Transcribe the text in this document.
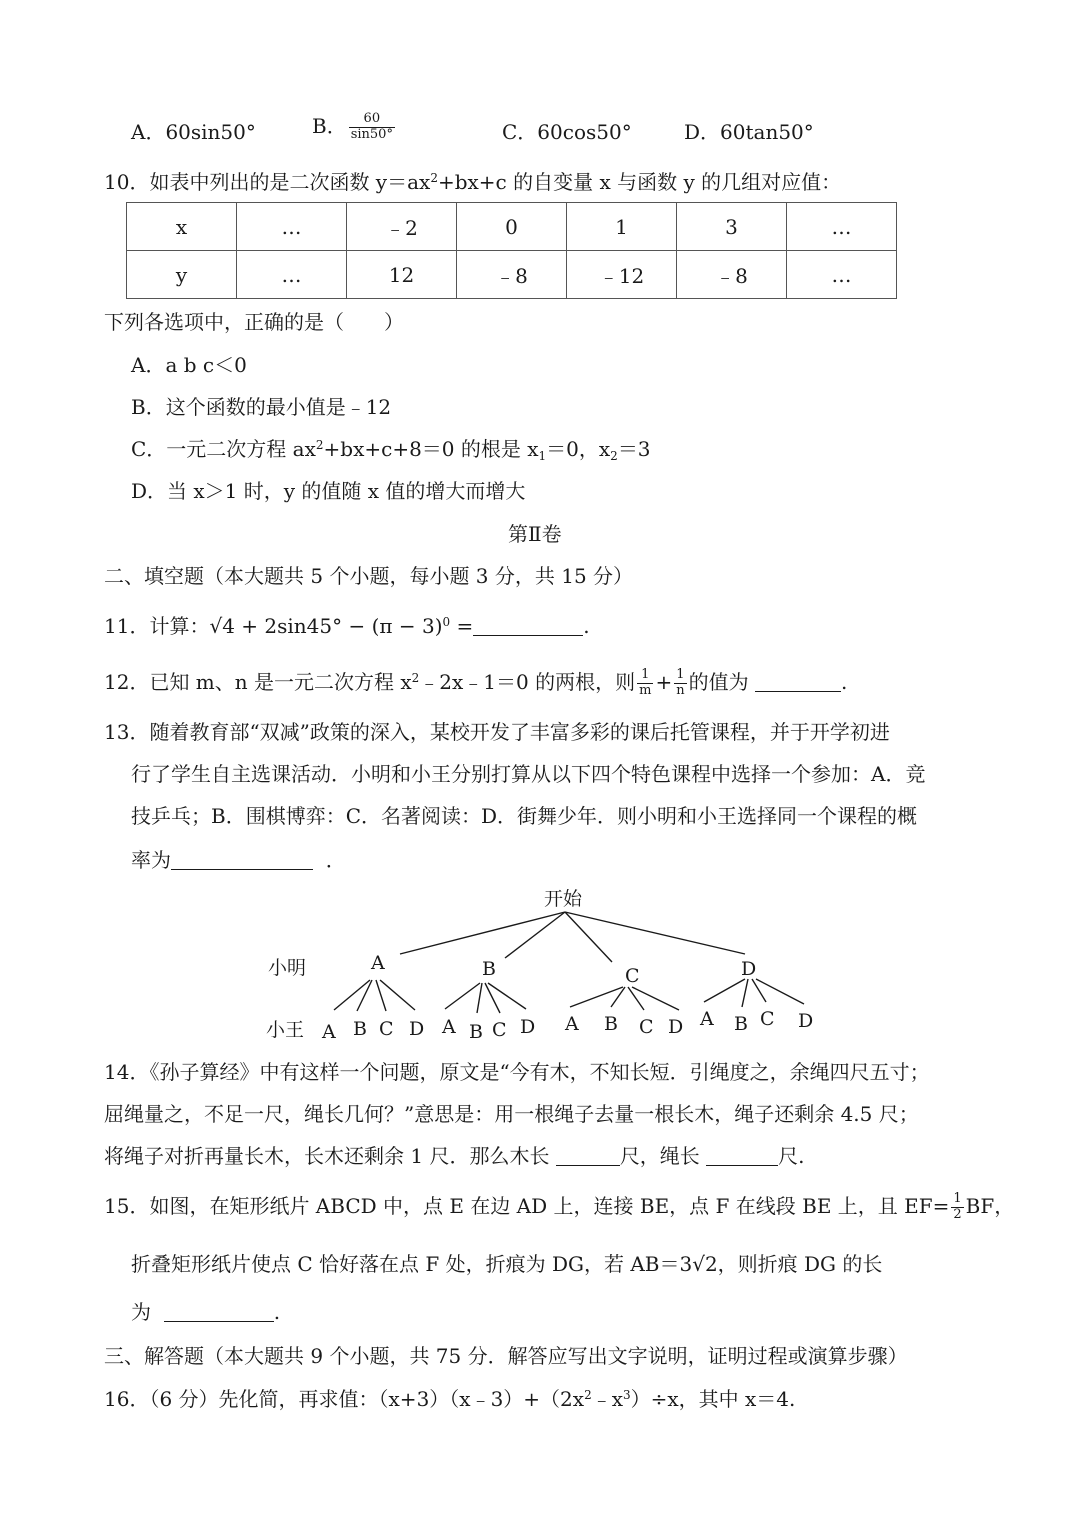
A．60sin50°	B． $\frac{60}{\sin 50^\circ}$	C．60cos50°	D．60tan50°
10．如表中列出的是二次函数 $y=ax^2+bx+c$ 的自变量 x 与函数 y 的几组对应值：
x	…	﹣2	0	1	3	…
y	…	12	﹣8	﹣12	﹣8	…
下列各选项中，正确的是（　　）
A．a b c＜0
B．这个函数的最小值是﹣12
C．一元二次方程 $ax^2+bx+c+8=0$ 的根是 $x_1=0$，$x_2=3$
D．当 x＞1 时，y 的值随 x 值的增大而增大
第Ⅱ卷
二、填空题（本大题共 5 个小题，每小题 3 分，共 15 分）
11．计算：$√4 + 2\sin 45^\circ - (\pi - 3)^0$ =	.
12．已知 m、n 是一元二次方程 $x^2﹣2x﹣1=0$ 的两根，则 $\frac{1}{m} + \frac{1}{n}$ 的值为	.
13．随着教育部“双减”政策的深入，某校开发了丰富多彩的课后托管课程，并于开学初进
行了学生自主选课活动．小明和小王分别打算从以下四个特色课程中选择一个参加：A．竞
技乒乓；B．围棋博弈：C．名著阅读：D．街舞少年．则小明和小王选择同一个课程的概
率为	．
开始
小明
小王
A	B	C	D
A B C D A B C D A B C D A B C D
14．《孙子算经》中有这样一个问题，原文是“今有木，不知长短．引绳度之，余绳四尺五寸；
屈绳量之，不足一尺，绳长几何？”意思是：用一根绳子去量一根长木，绳子还剩余 4.5 尺；
将绳子对折再量长木，长木还剩余 1 尺．那么木长	尺，绳长	尺.
15．如图，在矩形纸片 ABCD 中，点 E 在边 AD 上，连接 BE，点 F 在线段 BE 上，且 $EF= \frac{1}{2}$ BF，
折叠矩形纸片使点 C 恰好落在点 F 处，折痕为 DG，若 AB＝3√2，则折痕 DG 的长
为	.
三、解答题（本大题共 9 个小题，共 75 分．解答应写出文字说明，证明过程或演算步骤）
16．（6 分）先化简，再求值：$(x+3)(x﹣3)+(2x^2﹣x^3)\div x$，其中 x＝4.
